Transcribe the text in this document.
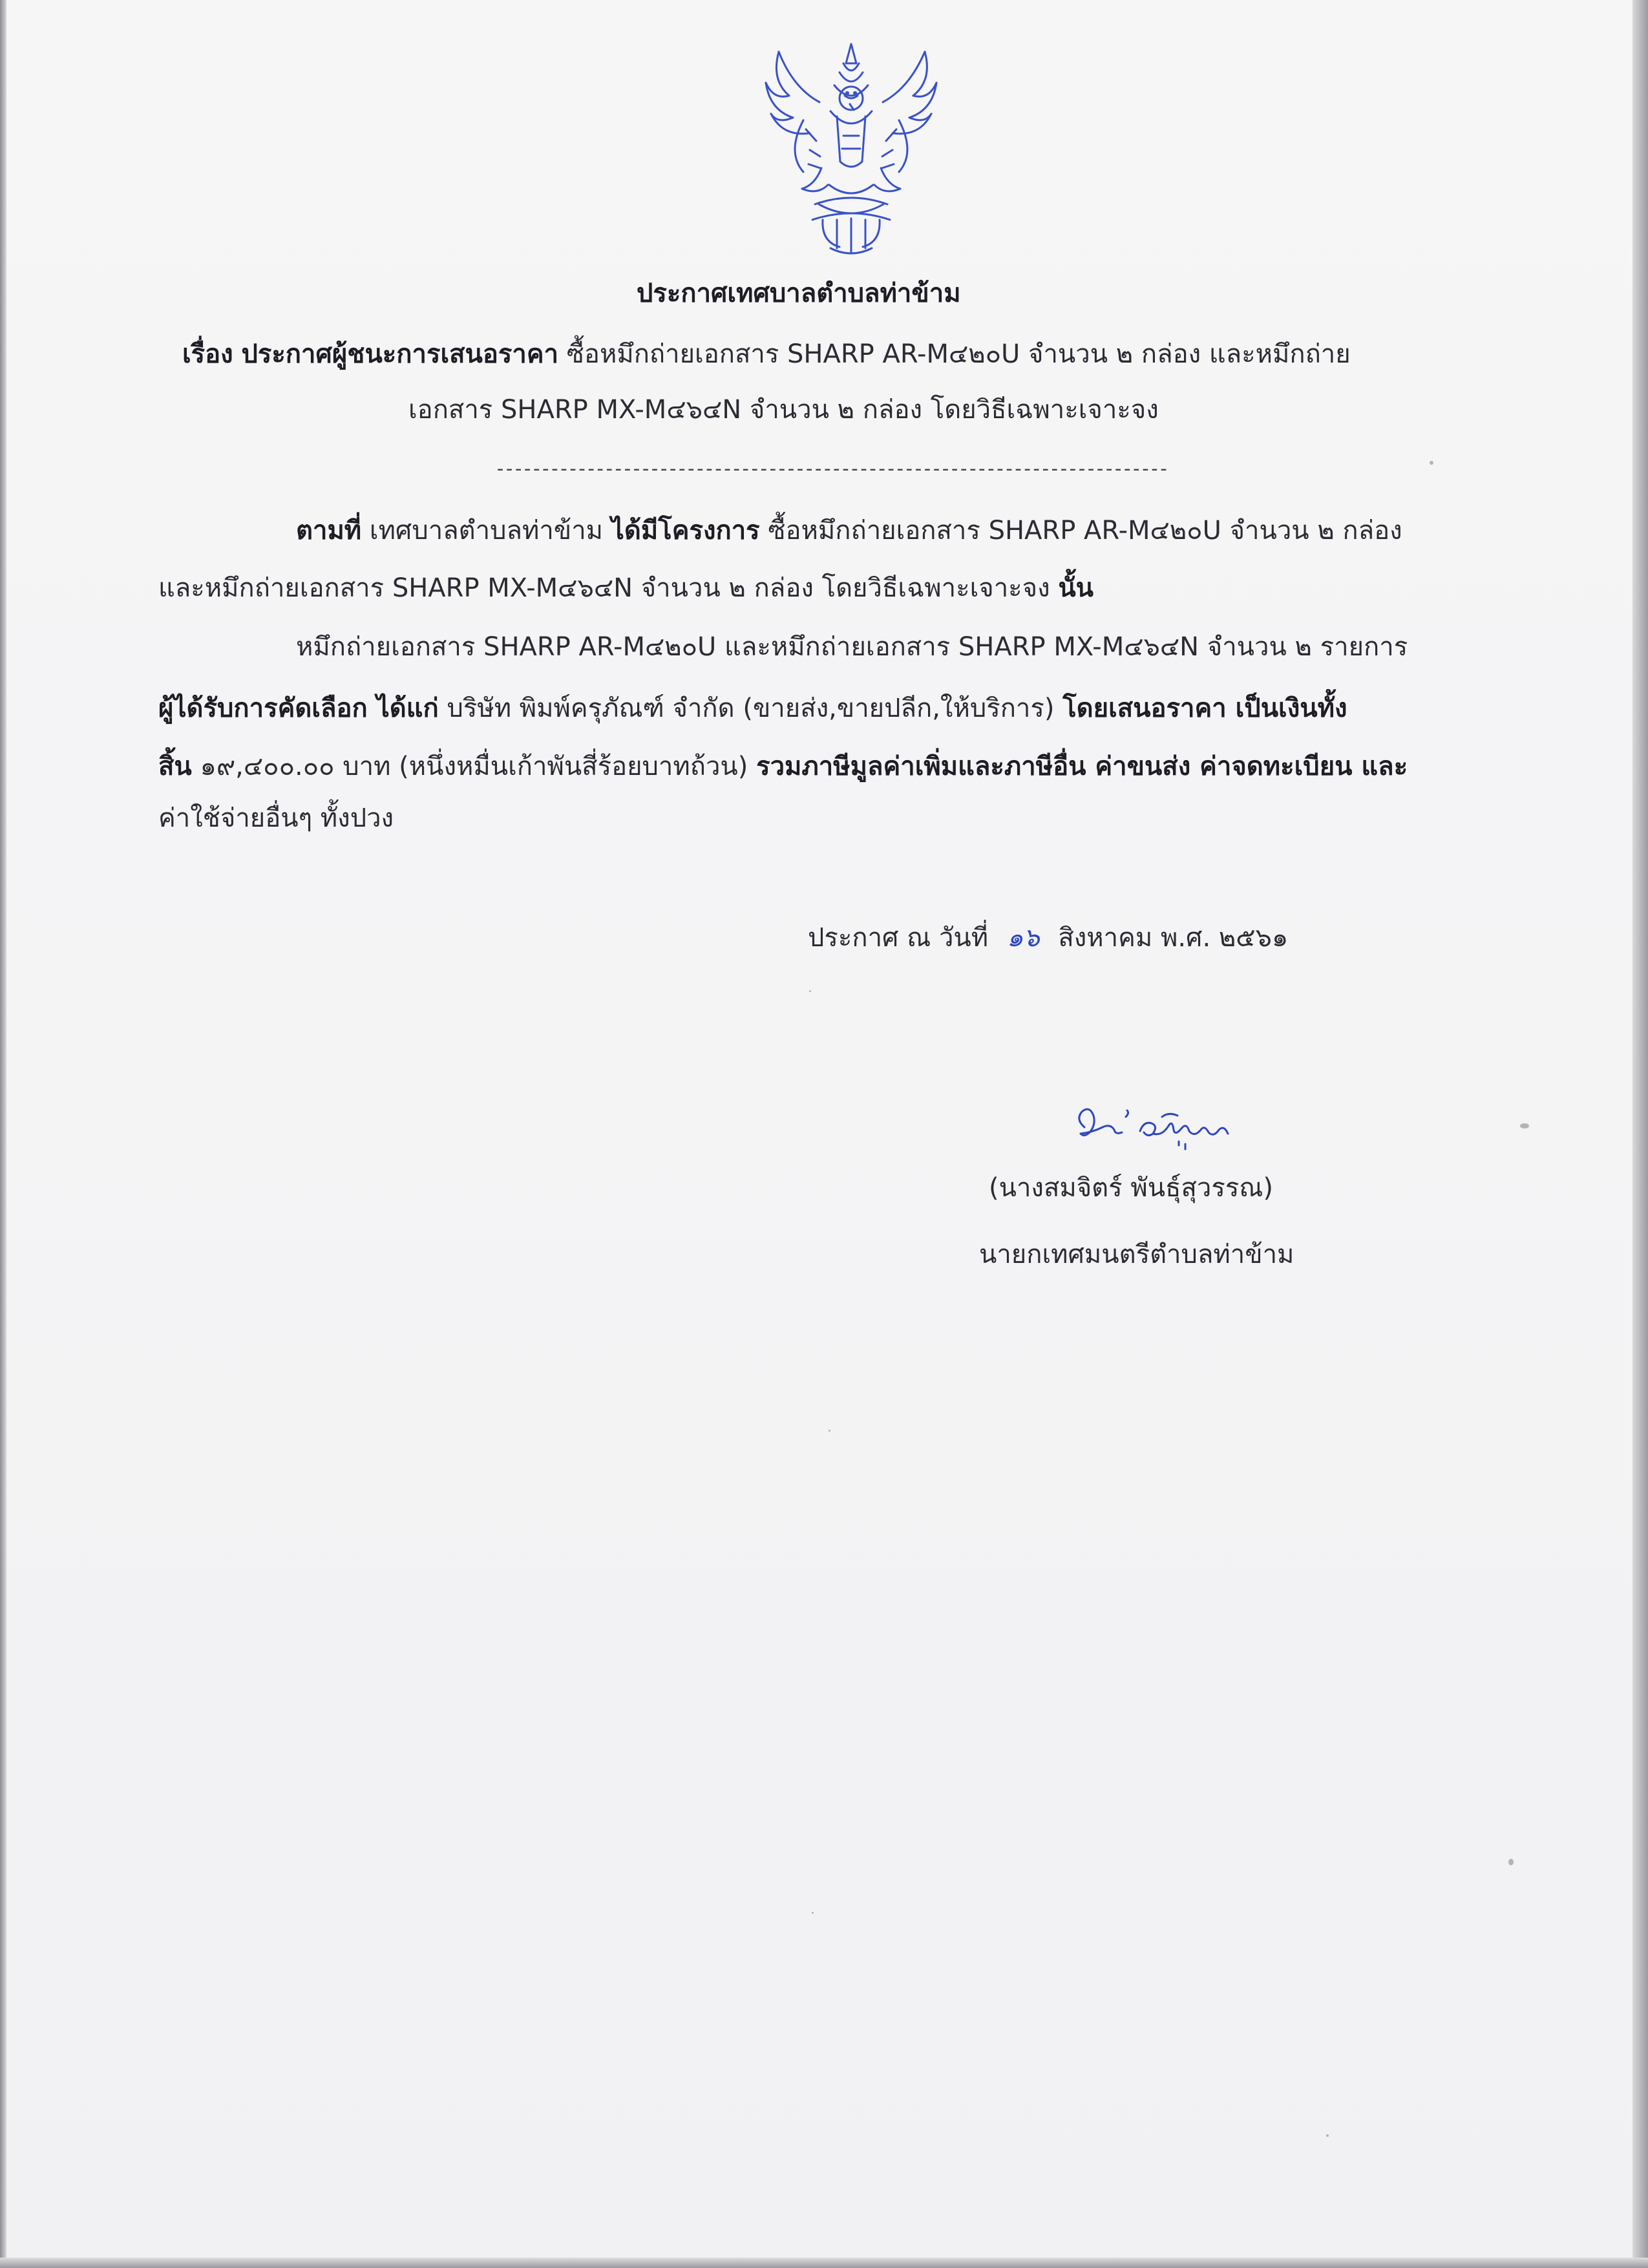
ประกาศเทศบาลตำบลท่าข้าม
เรื่อง ประกาศผู้ชนะการเสนอราคา ซื้อหมึกถ่ายเอกสาร SHARP AR-M๔๒๐U จำนวน ๒ กล่อง และหมึกถ่าย
เอกสาร SHARP MX-M๔๖๔N จำนวน ๒ กล่อง โดยวิธีเฉพาะเจาะจง
--------------------------------------------------------------------------
ตามที่ เทศบาลตำบลท่าข้าม ได้มีโครงการ ซื้อหมึกถ่ายเอกสาร SHARP AR-M๔๒๐U จำนวน ๒ กล่อง
และหมึกถ่ายเอกสาร SHARP MX-M๔๖๔N จำนวน ๒ กล่อง โดยวิธีเฉพาะเจาะจง นั้น
หมึกถ่ายเอกสาร SHARP AR-M๔๒๐U และหมึกถ่ายเอกสาร SHARP MX-M๔๖๔N จำนวน ๒ รายการ
ผู้ได้รับการคัดเลือก ได้แก่ บริษัท พิมพ์ครุภัณฑ์ จำกัด (ขายส่ง,ขายปลีก,ให้บริการ) โดยเสนอราคา เป็นเงินทั้ง
สิ้น ๑๙,๔๐๐.๐๐ บาท (หนึ่งหมื่นเก้าพันสี่ร้อยบาทถ้วน) รวมภาษีมูลค่าเพิ่มและภาษีอื่น ค่าขนส่ง ค่าจดทะเบียน และ
ค่าใช้จ่ายอื่นๆ ทั้งปวง
ประกาศ ณ วันที่ ๑๖ สิงหาคม พ.ศ. ๒๕๖๑
(นางสมจิตร์ พันธุ์สุวรรณ)
นายกเทศมนตรีตำบลท่าข้าม
